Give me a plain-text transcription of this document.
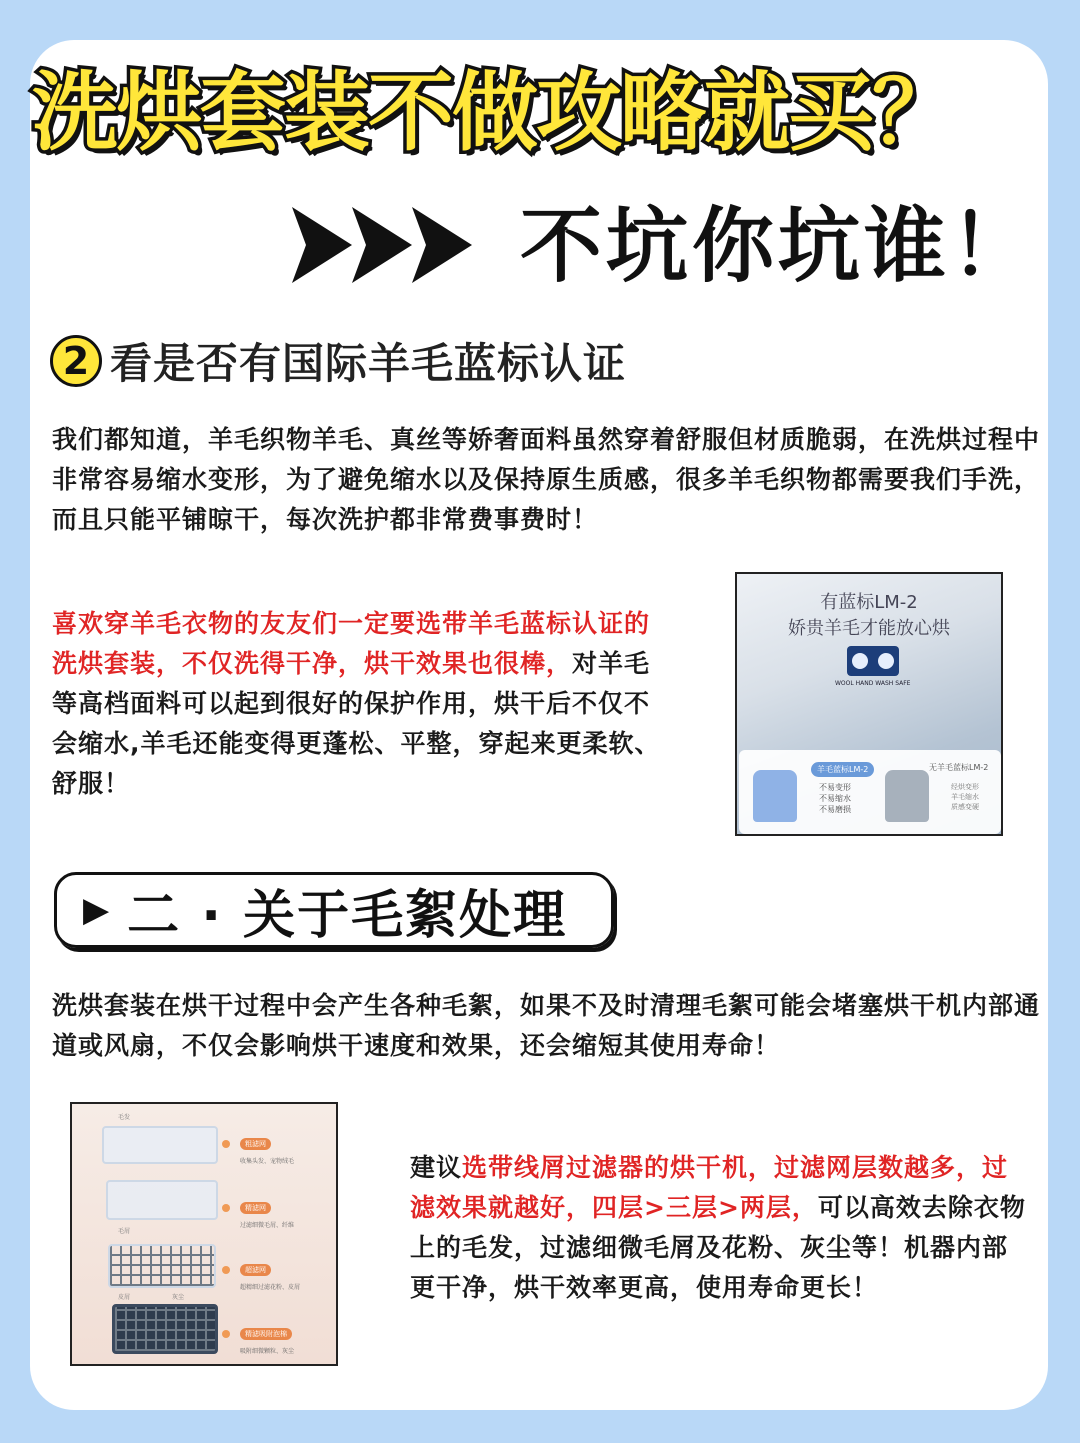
洗烘套装不做攻略就买？
不坑你坑谁！
2 看是否有国际羊毛蓝标认证
我们都知道，羊毛织物羊毛、真丝等娇奢面料虽然穿着舒服但材质脆弱，在洗烘过程中非常容易缩水变形，为了避免缩水以及保持原生质感，很多羊毛织物都需要我们手洗，而且只能平铺晾干，每次洗护都非常费事费时！
喜欢穿羊毛衣物的友友们一定要选带羊毛蓝标认证的洗烘套装，不仅洗得干净，烘干效果也很棒，对羊毛等高档面料可以起到很好的保护作用，烘干后不仅不会缩水,羊毛还能变得更蓬松、平整，穿起来更柔软、舒服！
有蓝标LM-2
娇贵羊毛才能放心烘
WOOL HAND WASH SAFE
羊毛蓝标LM-2
不易变形
不易缩水
不易磨损
无羊毛蓝标LM-2
经烘变形
羊毛缩水
质感变硬
▶ 二 · 关于毛絮处理
洗烘套装在烘干过程中会产生各种毛絮，如果不及时清理毛絮可能会堵塞烘干机内部通道或风扇，不仅会影响烘干速度和效果，还会缩短其使用寿命！
毛发
毛屑
皮屑	灰尘
粗滤网
收集头发、宠物绒毛
精滤网
过滤细微毛屑、纤维
超滤网
超精细过滤花粉、皮屑
精滤吸附泡棉
吸附细微颗粒、灰尘
建议选带线屑过滤器的烘干机，过滤网层数越多，过滤效果就越好，四层>三层>两层，可以高效去除衣物上的毛发，过滤细微毛屑及花粉、灰尘等！机器内部更干净，烘干效率更高，使用寿命更长！
